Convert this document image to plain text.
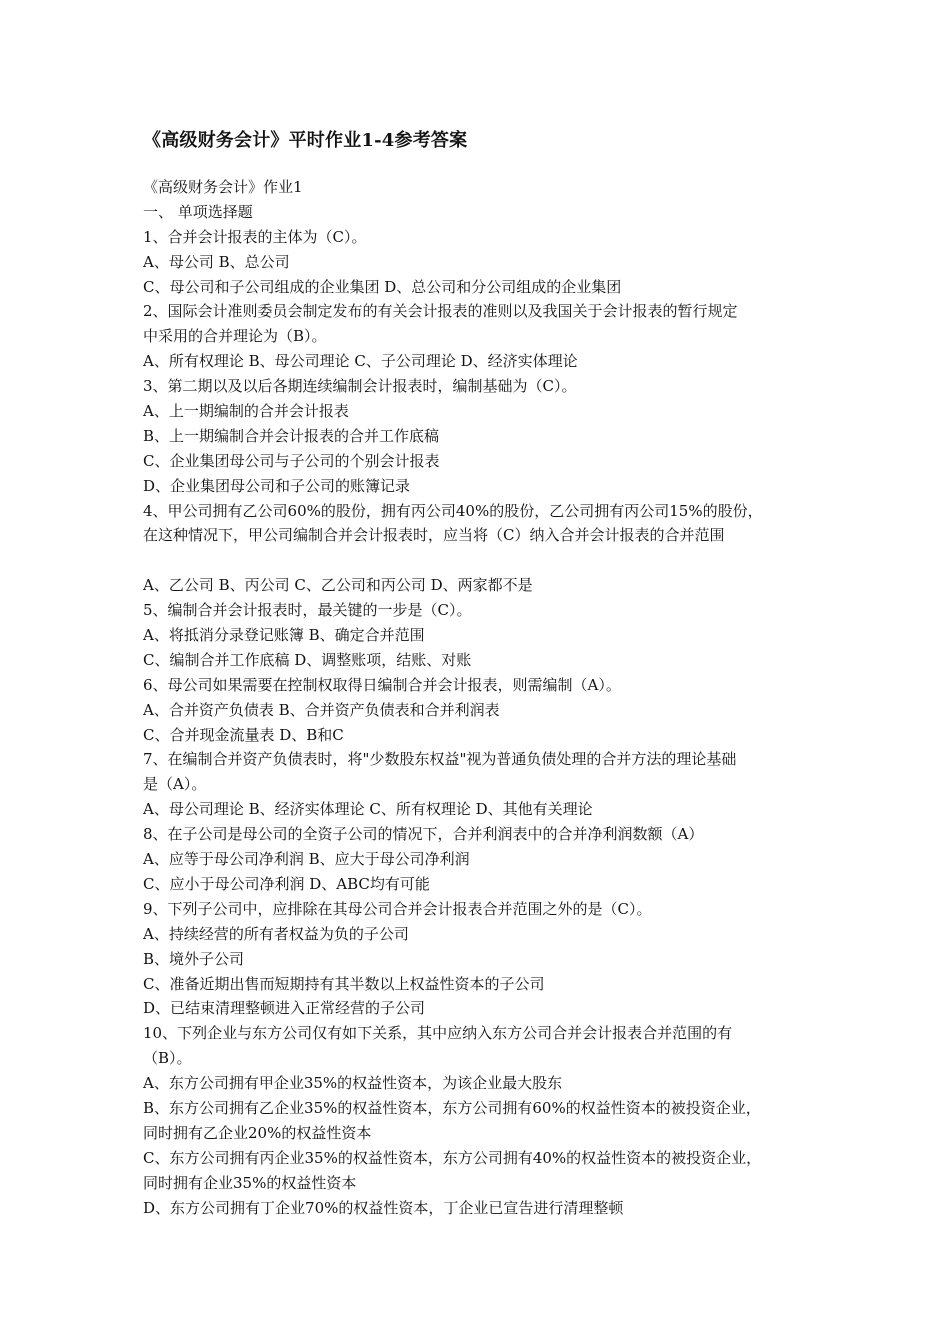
《高级财务会计》平时作业1-4参考答案
《高级财务会计》作业1
一、 单项选择题
1、合并会计报表的主体为（C）。
A、母公司 B、总公司
C、母公司和子公司组成的企业集团 D、总公司和分公司组成的企业集团
2、国际会计准则委员会制定发布的有关会计报表的准则以及我国关于会计报表的暂行规定
中采用的合并理论为（B）。
A、所有权理论 B、母公司理论 C、子公司理论 D、经济实体理论
3、第二期以及以后各期连续编制会计报表时，编制基础为（C）。
A、上一期编制的合并会计报表
B、上一期编制合并会计报表的合并工作底稿
C、企业集团母公司与子公司的个别会计报表
D、企业集团母公司和子公司的账簿记录
4、甲公司拥有乙公司60%的股份，拥有丙公司40%的股份，乙公司拥有丙公司15%的股份，
在这种情况下，甲公司编制合并会计报表时，应当将（C）纳入合并会计报表的合并范围
A、乙公司 B、丙公司 C、乙公司和丙公司 D、两家都不是
5、编制合并会计报表时，最关键的一步是（C）。
A、将抵消分录登记账簿 B、确定合并范围
C、编制合并工作底稿 D、调整账项，结账、对账
6、母公司如果需要在控制权取得日编制合并会计报表，则需编制（A）。
A、合并资产负债表 B、合并资产负债表和合并利润表
C、合并现金流量表 D、B和C
7、在编制合并资产负债表时，将"少数股东权益"视为普通负债处理的合并方法的理论基础
是（A）。
A、母公司理论 B、经济实体理论 C、所有权理论 D、其他有关理论
8、在子公司是母公司的全资子公司的情况下，合并利润表中的合并净利润数额（A）
A、应等于母公司净利润 B、应大于母公司净利润
C、应小于母公司净利润 D、ABC均有可能
9、下列子公司中，应排除在其母公司合并会计报表合并范围之外的是（C）。
A、持续经营的所有者权益为负的子公司
B、境外子公司
C、准备近期出售而短期持有其半数以上权益性资本的子公司
D、已结束清理整顿进入正常经营的子公司
10、下列企业与东方公司仅有如下关系，其中应纳入东方公司合并会计报表合并范围的有
（B）。
A、东方公司拥有甲企业35%的权益性资本，为该企业最大股东
B、东方公司拥有乙企业35%的权益性资本，东方公司拥有60%的权益性资本的被投资企业，
同时拥有乙企业20%的权益性资本
C、东方公司拥有丙企业35%的权益性资本，东方公司拥有40%的权益性资本的被投资企业，
同时拥有企业35%的权益性资本
D、东方公司拥有丁企业70%的权益性资本，丁企业已宣告进行清理整顿
